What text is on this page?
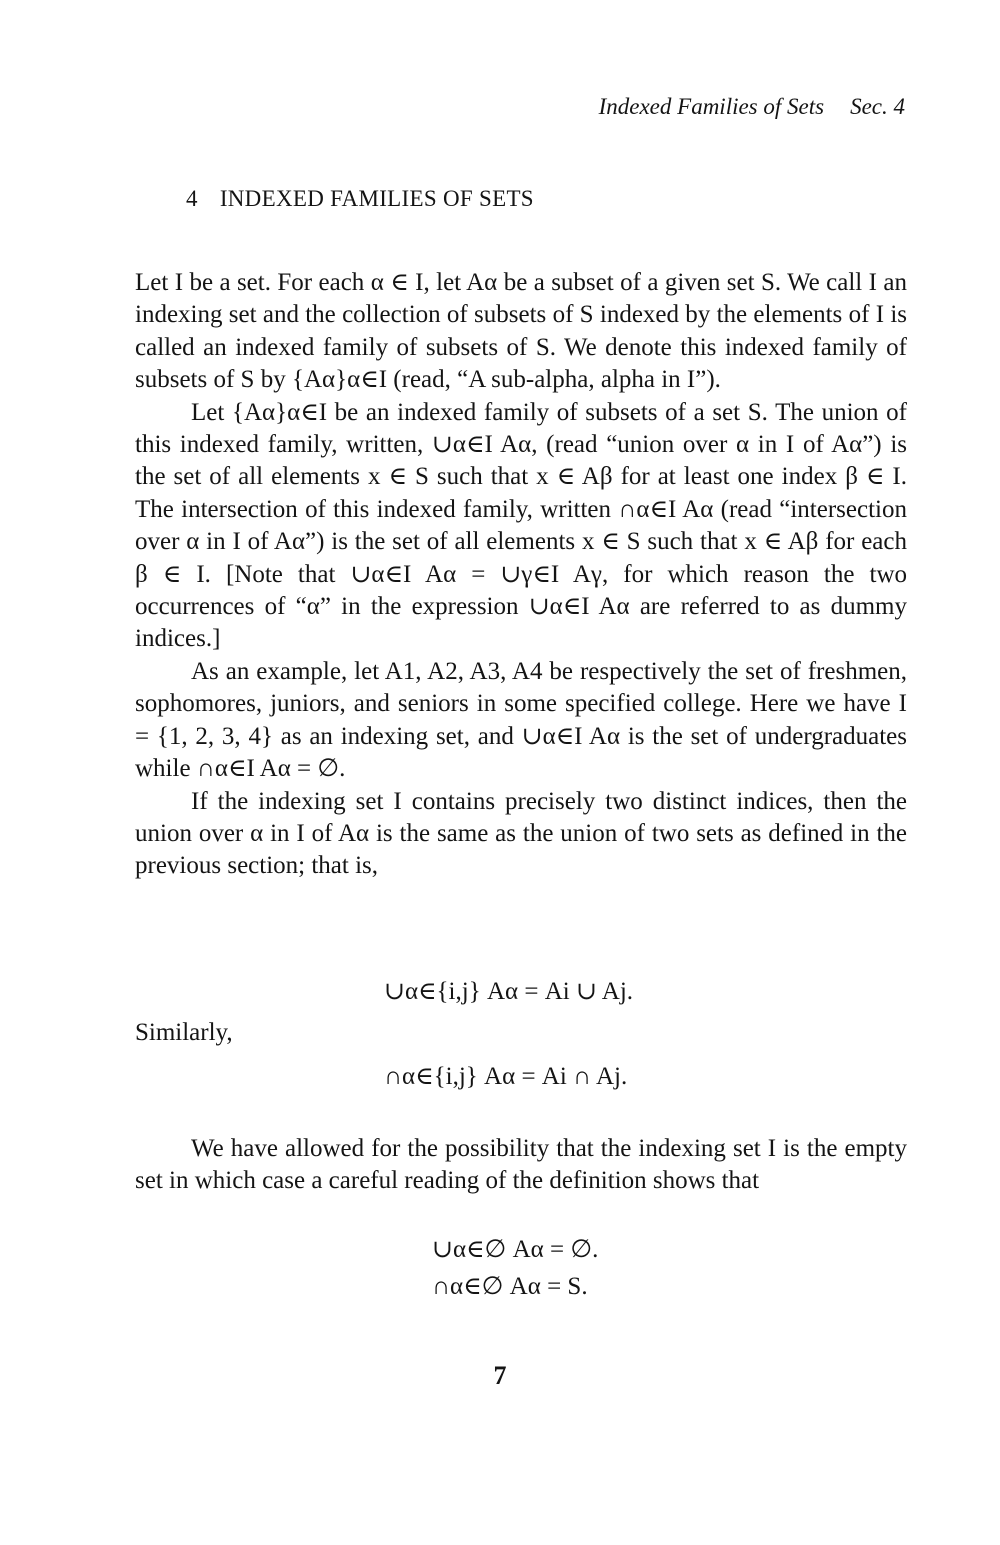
Indexed Families of Sets Sec. 4
4 INDEXED FAMILIES OF SETS

Let I be a set. For each α ∈ I, let Aα be a subset of a given set S. We call I an indexing set and the collection of subsets of S indexed by the elements of I is called an indexed family of subsets of S. We denote this indexed family of subsets of S by {Aα}α∈I (read, “A sub-alpha, alpha in I”).

Let {Aα}α∈I be an indexed family of subsets of a set S. The union of this indexed family, written, ∪α∈I Aα, (read “union over α in I of Aα”) is the set of all elements x ∈ S such that x ∈ Aβ for at least one index β ∈ I. The intersection of this indexed family, written ∩α∈I Aα (read “intersection over α in I of Aα”) is the set of all elements x ∈ S such that x ∈ Aβ for each β ∈ I. [Note that ∪α∈I Aα = ∪γ∈I Aγ, for which reason the two occurrences of “α” in the expression ∪α∈I Aα are referred to as dummy indices.]

As an example, let A1, A2, A3, A4 be respectively the set of freshmen, sophomores, juniors, and seniors in some specified college. Here we have I = {1, 2, 3, 4} as an indexing set, and ∪α∈I Aα is the set of undergraduates while ∩α∈I Aα = ∅.

If the indexing set I contains precisely two distinct indices, then the union over α in I of Aα is the same as the union of two sets as defined in the previous section; that is,

∪α∈{i,j} Aα = Ai ∪ Aj.
Similarly,
∩α∈{i,j} Aα = Ai ∩ Aj.

We have allowed for the possibility that the indexing set I is the empty set in which case a careful reading of the definition shows that

∪α∈∅ Aα = ∅.
∩α∈∅ Aα = S.
7
